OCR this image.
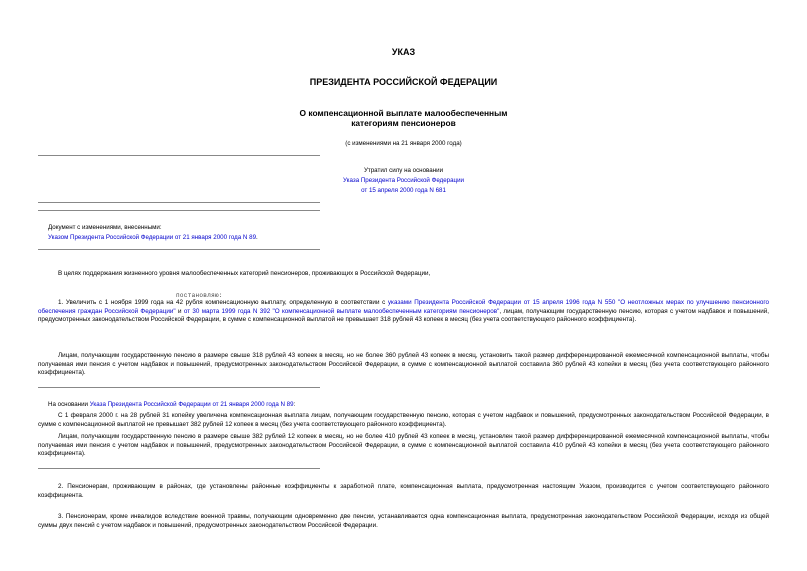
УКАЗ
ПРЕЗИДЕНТА РОССИЙСКОЙ ФЕДЕРАЦИИ
О компенсационной выплате малообеспеченным
категориям пенсионеров
(с изменениями на 21 января 2000 года)
Утратил силу на основании
Указа Президента Российской Федерации
от 15 апреля 2000 года N 681
Документ с изменениями, внесенными:
Указом Президента Российской Федерации от 21 января 2000 года N 89.
В целях поддержания жизненного уровня малообеспеченных категорий пенсионеров, проживающих в Российской Федерации,
постановляю:
1. Увеличить с 1 ноября 1999 года на 42 рубля компенсационную выплату, определенную в соответствии с указами Президента Российской Федерации от 15 апреля 1996 года N 550 "О неотложных мерах по улучшению пенсионного обеспечения граждан Российской Федерации" и от 30 марта 1999 года N 392 "О компенсационной выплате малообеспеченным категориям пенсионеров", лицам, получающим государственную пенсию, которая с учетом надбавок и повышений, предусмотренных законодательством Российской Федерации, в сумме с компенсационной выплатой не превышает 318 рублей 43 копеек в месяц (без учета соответствующего районного коэффициента).
Лицам, получающим государственную пенсию в размере свыше 318 рублей 43 копеек в месяц, но не более 360 рублей 43 копеек в месяц, установить такой размер дифференцированной ежемесячной компенсационной выплаты, чтобы получаемая ими пенсия с учетом надбавок и повышений, предусмотренных законодательством Российской Федерации, в сумме с компенсационной выплатой составила 360 рублей 43 копейки в месяц (без учета соответствующего районного коэффициента).
На основании Указа Президента Российской Федерации от 21 января 2000 года N 89:
С 1 февраля 2000 г. на 28 рублей 31 копейку увеличена компенсационная выплата лицам, получающим государственную пенсию, которая с учетом надбавок и повышений, предусмотренных законодательством Российской Федерации, в сумме с компенсационной выплатой не превышает 382 рублей 12 копеек в месяц (без учета соответствующего районного коэффициента).
Лицам, получающим государственную пенсию в размере свыше 382 рублей 12 копеек в месяц, но не более 410 рублей 43 копеек в месяц, установлен такой размер дифференцированной ежемесячной компенсационной выплаты, чтобы получаемая ими пенсия с учетом надбавок и повышений, предусмотренных законодательством Российской Федерации, в сумме с компенсационной выплатой составила 410 рублей 43 копейки в месяц (без учета соответствующего районного коэффициента).
2. Пенсионерам, проживающим в районах, где установлены районные коэффициенты к заработной плате, компенсационная выплата, предусмотренная настоящим Указом, производится с учетом соответствующего районного коэффициента.
3. Пенсионерам, кроме инвалидов вследствие военной травмы, получающим одновременно две пенсии, устанавливается одна компенсационная выплата, предусмотренная законодательством Российской Федерации, исходя из общей суммы двух пенсий с учетом надбавок и повышений, предусмотренных законодательством Российской Федерации.
